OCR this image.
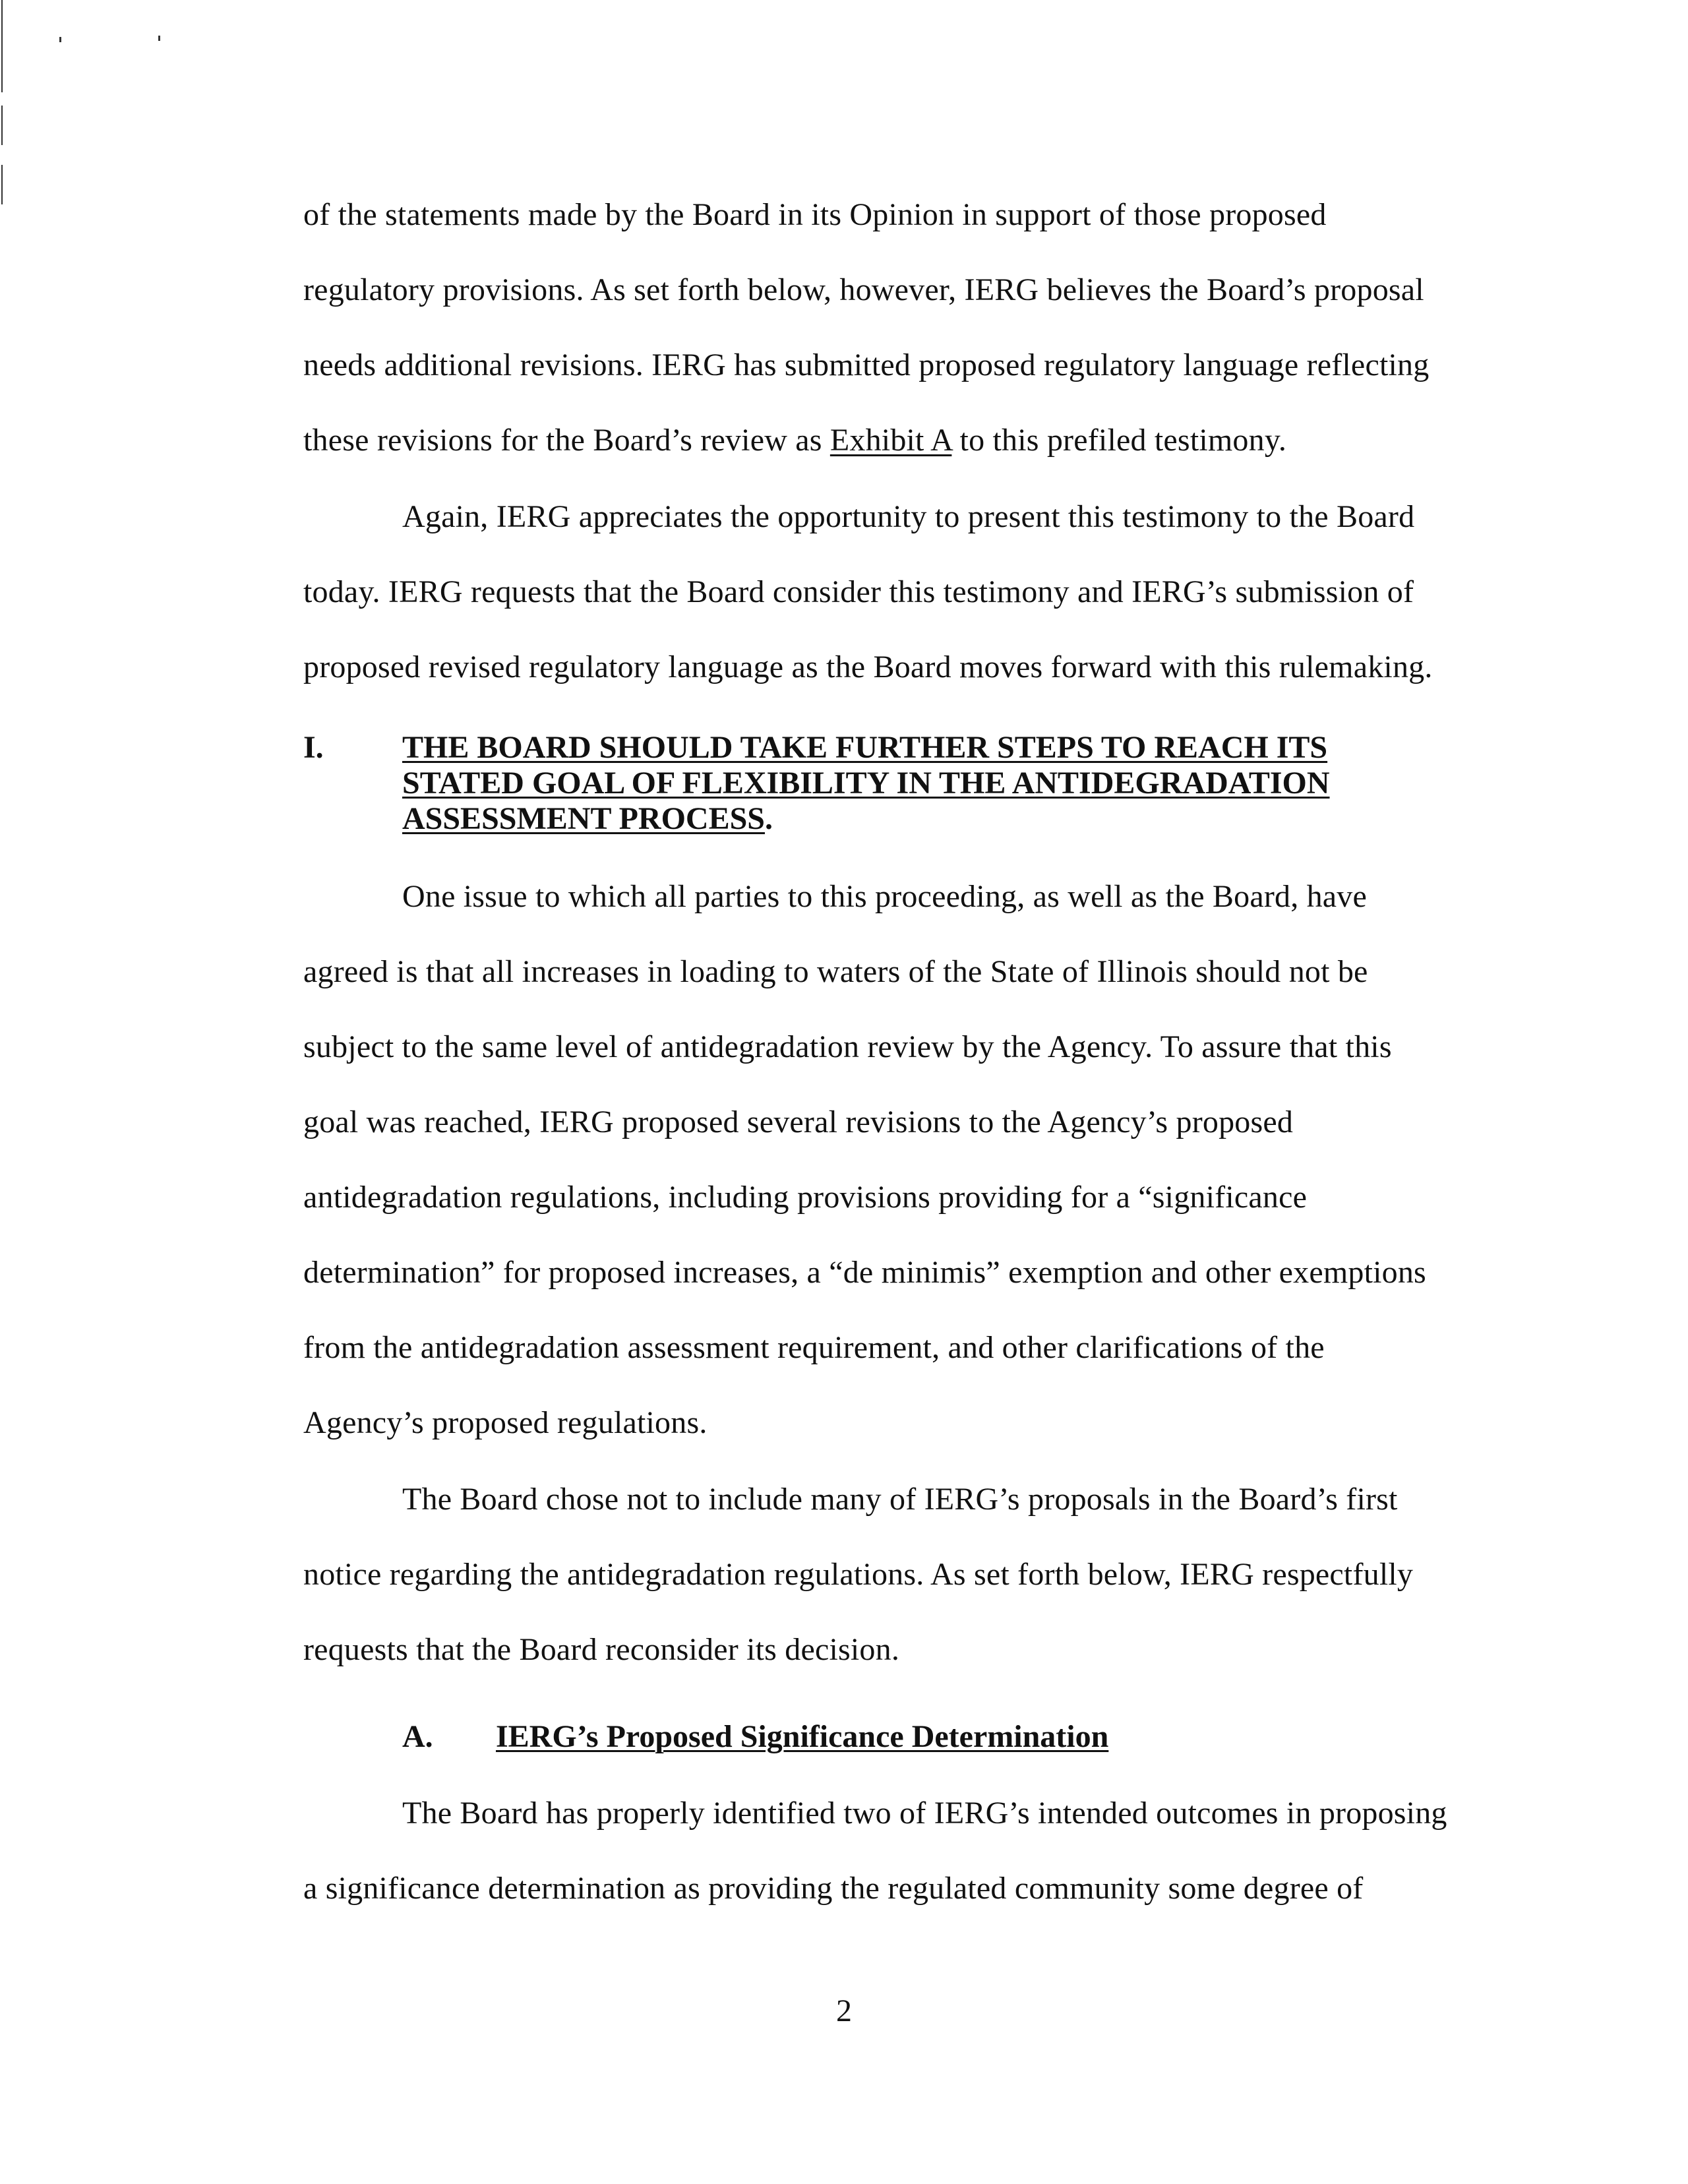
of the statements made by the Board in its Opinion in support of those proposed
regulatory provisions. As set forth below, however, IERG believes the Board’s proposal
needs additional revisions. IERG has submitted proposed regulatory language reflecting
these revisions for the Board’s review as Exhibit A to this prefiled testimony.
Again, IERG appreciates the opportunity to present this testimony to the Board
today. IERG requests that the Board consider this testimony and IERG’s submission of
proposed revised regulatory language as the Board moves forward with this rulemaking.
I. THE BOARD SHOULD TAKE FURTHER STEPS TO REACH ITS
STATED GOAL OF FLEXIBILITY IN THE ANTIDEGRADATION
ASSESSMENT PROCESS.
One issue to which all parties to this proceeding, as well as the Board, have
agreed is that all increases in loading to waters of the State of Illinois should not be
subject to the same level of antidegradation review by the Agency. To assure that this
goal was reached, IERG proposed several revisions to the Agency’s proposed
antidegradation regulations, including provisions providing for a “significance
determination” for proposed increases, a “de minimis” exemption and other exemptions
from the antidegradation assessment requirement, and other clarifications of the
Agency’s proposed regulations.
The Board chose not to include many of IERG’s proposals in the Board’s first
notice regarding the antidegradation regulations. As set forth below, IERG respectfully
requests that the Board reconsider its decision.
A. IERG’s Proposed Significance Determination
The Board has properly identified two of IERG’s intended outcomes in proposing
a significance determination as providing the regulated community some degree of
2
